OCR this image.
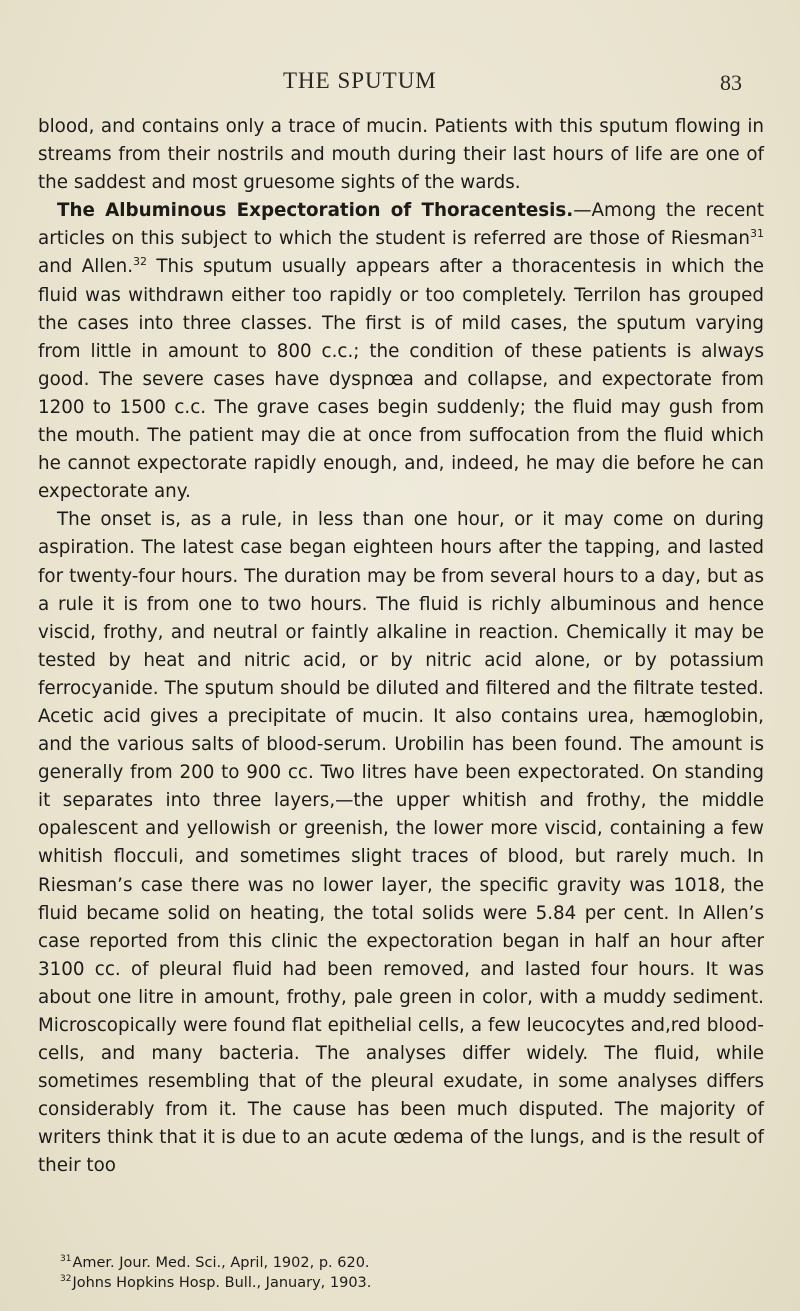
THE SPUTUM	83

blood, and contains only a trace of mucin. Patients with this sputum flowing in streams from their nostrils and mouth during their last hours of life are one of the saddest and most gruesome sights of the wards.

The Albuminous Expectoration of Thoracentesis.—Among the recent articles on this subject to which the student is referred are those of Riesman$^{31}$ and Allen.$^{32}$ This sputum usually appears after a thoracentesis in which the fluid was withdrawn either too rapidly or too completely. Terrilon has grouped the cases into three classes. The first is of mild cases, the sputum varying from little in amount to 800 c.c.; the condition of these patients is always good. The severe cases have dyspnœa and collapse, and expectorate from 1200 to 1500 c.c. The grave cases begin suddenly; the fluid may gush from the mouth. The patient may die at once from suffocation from the fluid which he cannot expectorate rapidly enough, and, indeed, he may die before he can expectorate any.

The onset is, as a rule, in less than one hour, or it may come on during aspiration. The latest case began eighteen hours after the tapping, and lasted for twenty-four hours. The duration may be from several hours to a day, but as a rule it is from one to two hours. The fluid is richly albuminous and hence viscid, frothy, and neutral or faintly alkaline in reaction. Chemically it may be tested by heat and nitric acid, or by nitric acid alone, or by potassium ferrocyanide. The sputum should be diluted and filtered and the filtrate tested. Acetic acid gives a precipitate of mucin. It also contains urea, hæmoglobin, and the various salts of blood-serum. Urobilin has been found. The amount is generally from 200 to 900 cc. Two litres have been expectorated. On standing it separates into three layers,—the upper whitish and frothy, the middle opalescent and yellowish or greenish, the lower more viscid, containing a few whitish flocculi, and sometimes slight traces of blood, but rarely much. In Riesman’s case there was no lower layer, the specific gravity was 1018, the fluid became solid on heating, the total solids were 5.84 per cent. In Allen’s case reported from this clinic the expectoration began in half an hour after 3100 cc. of pleural fluid had been removed, and lasted four hours. It was about one litre in amount, frothy, pale green in color, with a muddy sediment. Microscopically were found flat epithelial cells, a few leucocytes and,red blood-cells, and many bacteria. The analyses differ widely. The fluid, while sometimes resembling that of the pleural exudate, in some analyses differs considerably from it. The cause has been much disputed. The majority of writers think that it is due to an acute œdema of the lungs, and is the result of their too

$^{31}$Amer. Jour. Med. Sci., April, 1902, p. 620.

$^{32}$Johns Hopkins Hosp. Bull., January, 1903.
